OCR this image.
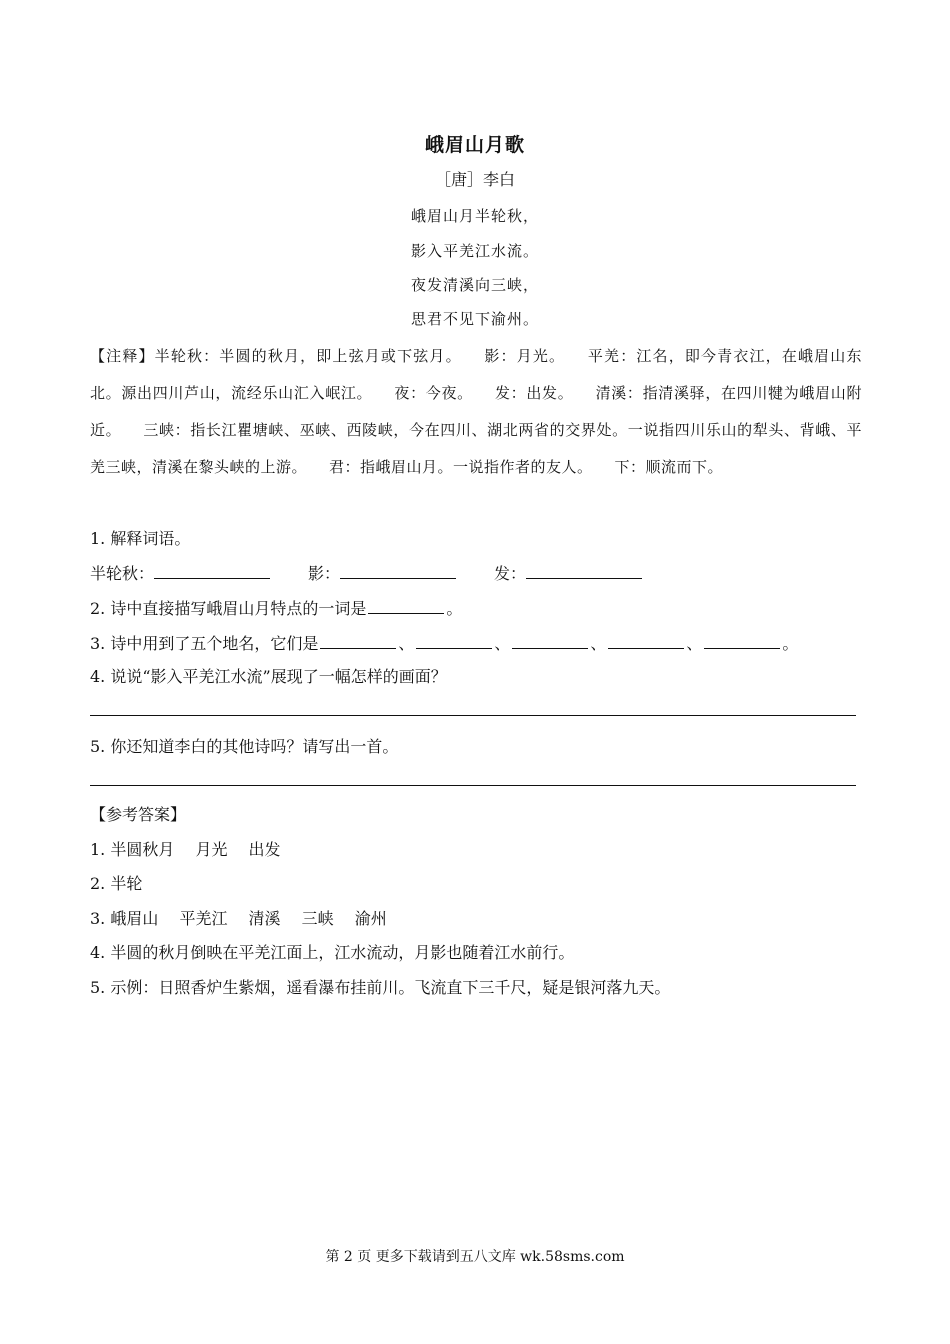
峨眉山月歌
［唐］李白
峨眉山月半轮秋，
影入平羌江水流。
夜发清溪向三峡，
思君不见下渝州。
【注释】半轮秋：半圆的秋月，即上弦月或下弦月。 影：月光。 平羌：江名，即今青衣江，在峨眉山东北。源出四川芦山，流经乐山汇入岷江。 夜：今夜。 发：出发。 清溪：指清溪驿，在四川犍为峨眉山附近。 三峡：指长江瞿塘峡、巫峡、西陵峡，今在四川、湖北两省的交界处。一说指四川乐山的犁头、背峨、平羌三峡，清溪在黎头峡的上游。 君：指峨眉山月。一说指作者的友人。 下：顺流而下。
1. 解释词语。
半轮秋：	影：	发：
2. 诗中直接描写峨眉山月特点的一词是	。
3. 诗中用到了五个地名，它们是	、	、	、	、	。
4. 说说“影入平羌江水流”展现了一幅怎样的画面？
5. 你还知道李白的其他诗吗？请写出一首。
【参考答案】
1. 半圆秋月　 月光　 出发
2. 半轮
3. 峨眉山　 平羌江　 清溪　 三峡　 渝州
4. 半圆的秋月倒映在平羌江面上，江水流动，月影也随着江水前行。
5. 示例：日照香炉生紫烟，遥看瀑布挂前川。飞流直下三千尺，疑是银河落九天。
第 2 页 更多下载请到五八文库 wk.58sms.com
